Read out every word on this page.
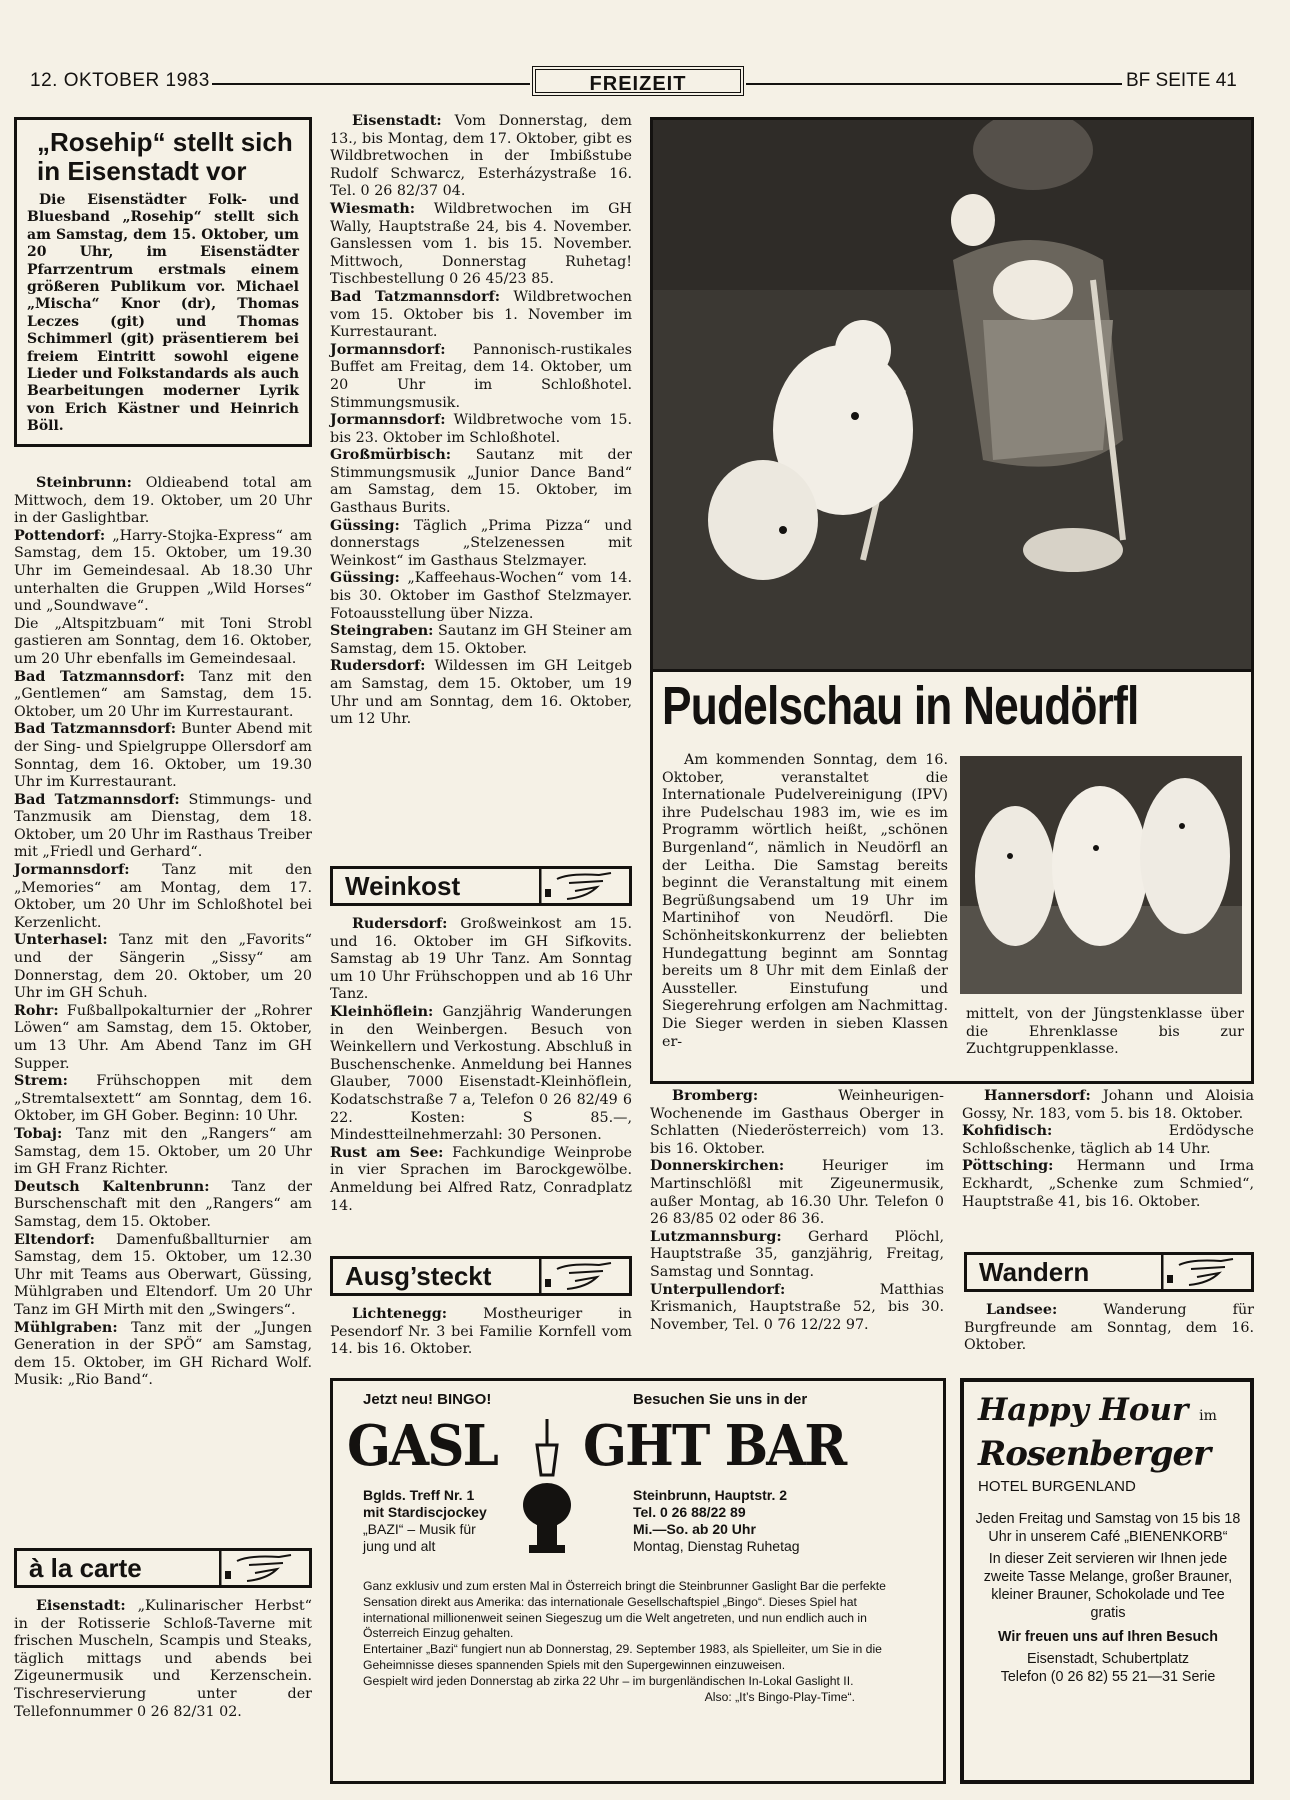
12. OKTOBER 1983	FREIZEIT	BF SEITE 41
„Rosehip“ stellt sich in Eisenstadt vor
Die Eisenstädter Folk- und Bluesband „Rosehip“ stellt sich am Samstag, dem 15. Oktober, um 20 Uhr, im Eisenstädter Pfarrzentrum erstmals einem größeren Publikum vor. Michael „Mischa“ Knor (dr), Thomas Leczes (git) und Thomas Schimmerl (git) präsentierem bei freiem Eintritt sowohl eigene Lieder und Folkstandards als auch Bearbeitungen moderner Lyrik von Erich Kästner und Heinrich Böll.

Steinbrunn: Oldieabend total am Mittwoch, dem 19. Oktober, um 20 Uhr in der Gaslightbar.

Pottendorf: „Harry-Stojka-Express“ am Samstag, dem 15. Oktober, um 19.30 Uhr im Gemeindesaal. Ab 18.30 Uhr unterhalten die Gruppen „Wild Horses“ und „Soundwave“.

Die „Altspitzbuam“ mit Toni Strobl gastieren am Sonntag, dem 16. Oktober, um 20 Uhr ebenfalls im Gemeindesaal.

Bad Tatzmannsdorf: Tanz mit den „Gentlemen“ am Samstag, dem 15. Oktober, um 20 Uhr im Kurrestaurant.

Bad Tatzmannsdorf: Bunter Abend mit der Sing- und Spielgruppe Ollersdorf am Sonntag, dem 16. Oktober, um 19.30 Uhr im Kurrestaurant.

Bad Tatzmannsdorf: Stimmungs- und Tanzmusik am Dienstag, dem 18. Oktober, um 20 Uhr im Rasthaus Treiber mit „Friedl und Gerhard“.

Jormannsdorf: Tanz mit den „Memories“ am Montag, dem 17. Oktober, um 20 Uhr im Schloßhotel bei Kerzenlicht.

Unterhasel: Tanz mit den „Favorits“ und der Sängerin „Sissy“ am Donnerstag, dem 20. Oktober, um 20 Uhr im GH Schuh.

Rohr: Fußballpokalturnier der „Rohrer Löwen“ am Samstag, dem 15. Oktober, um 13 Uhr. Am Abend Tanz im GH Supper.

Strem: Frühschoppen mit dem „Stremtalsextett“ am Sonntag, dem 16. Oktober, im GH Gober. Beginn: 10 Uhr.

Tobaj: Tanz mit den „Rangers“ am Samstag, dem 15. Oktober, um 20 Uhr im GH Franz Richter.

Deutsch Kaltenbrunn: Tanz der Burschenschaft mit den „Rangers“ am Samstag, dem 15. Oktober.

Eltendorf: Damenfußballturnier am Samstag, dem 15. Oktober, um 12.30 Uhr mit Teams aus Oberwart, Güssing, Mühlgraben und Eltendorf. Um 20 Uhr Tanz im GH Mirth mit den „Swingers“.

Mühlgraben: Tanz mit der „Jungen Generation in der SPÖ“ am Samstag, dem 15. Oktober, im GH Richard Wolf. Musik: „Rio Band“.

à la carte

Eisenstadt: „Kulinarischer Herbst“ in der Rotisserie Schloß-Taverne mit frischen Muscheln, Scampis und Steaks, täglich mittags und abends bei Zigeunermusik und Kerzenschein. Tischreservierung unter der Tellefonnummer 0 26 82/31 02.

Eisenstadt: Vom Donnerstag, dem 13., bis Montag, dem 17. Oktober, gibt es Wildbretwochen in der Imbißstube Rudolf Schwarcz, Esterházystraße 16. Tel. 0 26 82/37 04.

Wiesmath: Wildbretwochen im GH Wally, Hauptstraße 24, bis 4. November. Ganslessen vom 1. bis 15. November. Mittwoch, Donnerstag Ruhetag! Tischbestellung 0 26 45/23 85.

Bad Tatzmannsdorf: Wildbretwochen vom 15. Oktober bis 1. November im Kurrestaurant.

Jormannsdorf: Pannonisch-rustikales Buffet am Freitag, dem 14. Oktober, um 20 Uhr im Schloßhotel. Stimmungsmusik.

Jormannsdorf: Wildbretwoche vom 15. bis 23. Oktober im Schloßhotel.

Großmürbisch: Sautanz mit der Stimmungsmusik „Junior Dance Band“ am Samstag, dem 15. Oktober, im Gasthaus Burits.

Güssing: Täglich „Prima Pizza“ und donnerstags „Stelzenessen mit Weinkost“ im Gasthaus Stelzmayer.

Güssing: „Kaffeehaus-Wochen“ vom 14. bis 30. Oktober im Gasthof Stelzmayer. Fotoausstellung über Nizza.

Steingraben: Sautanz im GH Steiner am Samstag, dem 15. Oktober.

Rudersdorf: Wildessen im GH Leitgeb am Samstag, dem 15. Oktober, um 19 Uhr und am Sonntag, dem 16. Oktober, um 12 Uhr.

Weinkost

Rudersdorf: Großweinkost am 15. und 16. Oktober im GH Sifkovits. Samstag ab 19 Uhr Tanz. Am Sonntag um 10 Uhr Frühschoppen und ab 16 Uhr Tanz.

Kleinhöflein: Ganzjährig Wanderungen in den Weinbergen. Besuch von Weinkellern und Verkostung. Abschluß in Buschenschenke. Anmeldung bei Hannes Glauber, 7000 Eisenstadt-Kleinhöflein, Kodatschstraße 7 a, Telefon 0 26 82/49 6 22. Kosten: S 85.—, Mindestteilnehmerzahl: 30 Personen.

Rust am See: Fachkundige Weinprobe in vier Sprachen im Barockgewölbe. Anmeldung bei Alfred Ratz, Conradplatz 14.

Ausg’steckt

Lichtenegg: Mostheuriger in Pesendorf Nr. 3 bei Familie Kornfell vom 14. bis 16. Oktober.

Pudelschau in Neudörfl
Am kommenden Sonntag, dem 16. Oktober, veranstaltet die Internationale Pudelvereinigung (IPV) ihre Pudelschau 1983 im, wie es im Programm wörtlich heißt, „schönen Burgenland“, nämlich in Neudörfl an der Leitha. Die Samstag bereits beginnt die Veranstaltung mit einem Begrüßungsabend um 19 Uhr im Martinihof von Neudörfl. Die Schönheitskonkurrenz der beliebten Hundegattung beginnt am Sonntag bereits um 8 Uhr mit dem Einlaß der Aussteller. Einstufung und Siegerehrung erfolgen am Nachmittag. Die Sieger werden in sieben Klassen er-
mittelt, von der Jüngstenklasse über die Ehrenklasse bis zur Zuchtgruppenklasse.

Bromberg: Weinheurigen-Wochenende im Gasthaus Oberger in Schlatten (Niederösterreich) vom 13. bis 16. Oktober.

Donnerskirchen: Heuriger im Martinschlößl mit Zigeunermusik, außer Montag, ab 16.30 Uhr. Telefon 0 26 83/85 02 oder 86 36.

Lutzmannsburg: Gerhard Plöchl, Hauptstraße 35, ganzjährig, Freitag, Samstag und Sonntag.

Unterpullendorf: Matthias Krismanich, Hauptstraße 52, bis 30. November, Tel. 0 76 12/22 97.

Hannersdorf: Johann und Aloisia Gossy, Nr. 183, vom 5. bis 18. Oktober.

Kohfidisch: Erdödysche Schloßschenke, täglich ab 14 Uhr.

Pöttsching: Hermann und Irma Eckhardt, „Schenke zum Schmied“, Hauptstraße 41, bis 16. Oktober.

Wandern

Landsee: Wanderung für Burgfreunde am Sonntag, dem 16. Oktober.

Jetzt neu! BINGO!	Besuchen Sie uns in der
GASL GHT BAR
Bglds. Treff Nr. 1
mit Stardiscjockey
„BAZI“ – Musik für
jung und alt
Steinbrunn, Hauptstr. 2
Tel. 0 26 88/22 89
Mi.—So. ab 20 Uhr
Montag, Dienstag Ruhetag
Ganz exklusiv und zum ersten Mal in Österreich bringt die Steinbrunner Gaslight Bar die perfekte Sensation direkt aus Amerika: das internationale Gesellschaftspiel „Bingo“. Dieses Spiel hat international millionenweit seinen Siegeszug um die Welt angetreten, und nun endlich auch in Österreich Einzug gehalten.
Entertainer „Bazi“ fungiert nun ab Donnerstag, 29. September 1983, als Spielleiter, um Sie in die Geheimnisse dieses spannenden Spiels mit den Supergewinnen einzuweisen.
Gespielt wird jeden Donnerstag ab zirka 22 Uhr – im burgenländischen In-Lokal Gaslight II.
Also: „It’s Bingo-Play-Time“.
Happy Hour im
Rosenberger
HOTEL BURGENLAND
Jeden Freitag und Samstag von 15 bis 18 Uhr in unserem Café „BIENENKORB“
In dieser Zeit servieren wir Ihnen jede zweite Tasse Melange, großer Brauner, kleiner Brauner, Schokolade und Tee gratis
Wir freuen uns auf Ihren Besuch
Eisenstadt, Schubertplatz
Telefon (0 26 82) 55 21—31 Serie
